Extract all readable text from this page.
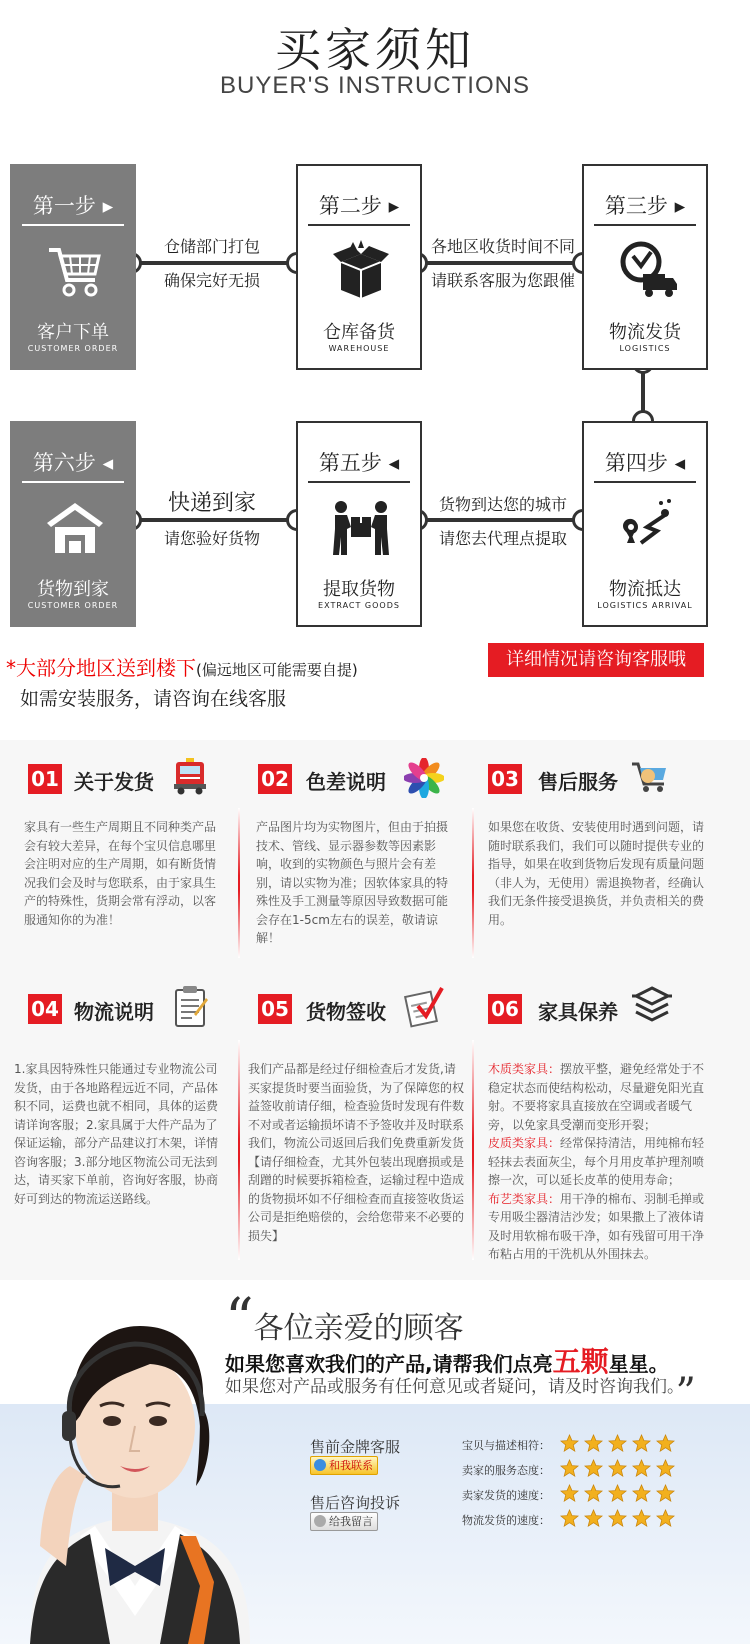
买家须知
BUYER'S INSTRUCTIONS
仓储部门打包
确保完好无损
各地区收货时间不同
请联系客服为您跟催
快递到家
请您验好货物
货物到达您的城市
请您去代理点提取
第一步 ▸
客户下单
CUSTOMER ORDER
第二步 ▸
仓库备货
WAREHOUSE
第三步 ▸
物流发货
LOGISTICS
第六步 ◂
货物到家
CUSTOMER ORDER
第五步 ◂
提取货物
EXTRACT GOODS
第四步 ◂
物流抵达
LOGISTICS ARRIVAL
*大部分地区送到楼下(偏远地区可能需要自提)
如需安装服务，请咨询在线客服
详细情况请咨询客服哦
01 关于发货
家具有一些生产周期且不同种类产品会有较大差异，在每个宝贝信息哪里会注明对应的生产周期，如有断货情况我们会及时与您联系，由于家具生产的特殊性，货期会常有浮动，以客服通知你的为准！
02 色差说明
产品图片均为实物图片，但由于拍摄技术、管线、显示器参数等因素影响，收到的实物颜色与照片会有差别，请以实物为准；因软体家具的特殊性及手工测量等原因导致数据可能会存在1-5cm左右的误差，敬请谅解！
03 售后服务
如果您在收货、安装使用时遇到问题，请随时联系我们，我们可以随时提供专业的指导，如果在收到货物后发现有质量问题（非人为，无使用）需退换物者，经确认我们无条件接受退换货，并负责相关的费用。
04 物流说明
1.家具因特殊性只能通过专业物流公司发货，由于各地路程远近不同，产品体积不同，运费也就不相同，具体的运费请详询客服；2.家具属于大件产品为了保证运输，部分产品建议打木架，详情咨询客服；3.部分地区物流公司无法到达，请买家下单前，咨询好客服，协商好可到达的物流运送路线。
05 货物签收
我们产品都是经过仔细检查后才发货,请买家提货时要当面验货，为了保障您的权益签收前请仔细，检查验货时发现有件数不对或者运输损坏请不予签收并及时联系我们，物流公司返回后我们免费重新发货【请仔细检查，尤其外包装出现磨损或是刮蹭的时候要拆箱检查，运输过程中造成的货物损坏如不仔细检查而直接签收货运公司是拒绝赔偿的，会给您带来不必要的损失】
06 家具保养
木质类家具：摆放平整，避免经常处于不稳定状态而使结构松动，尽量避免阳光直射。不要将家具直接放在空调或者暖气旁，以免家具受潮而变形开裂；
皮质类家具：经常保持清洁，用纯棉布轻轻抹去表面灰尘，每个月用皮革护理剂喷擦一次，可以延长皮革的使用寿命；
布艺类家具：用干净的棉布、羽制毛掸或专用吸尘器清洁沙发；如果撒上了液体请及时用软棉布吸干净，如有残留可用干净布粘占用的干洗机从外围抹去。
“各位亲爱的顾客
如果您喜欢我们的产品,请帮我们点亮五颗星星。
如果您对产品或服务有任何意见或者疑问，请及时咨询我们。”
售前金牌客服
和我联系
售后咨询投诉
给我留言
宝贝与描述相符：
卖家的服务态度：
卖家发货的速度：
物流发货的速度：
